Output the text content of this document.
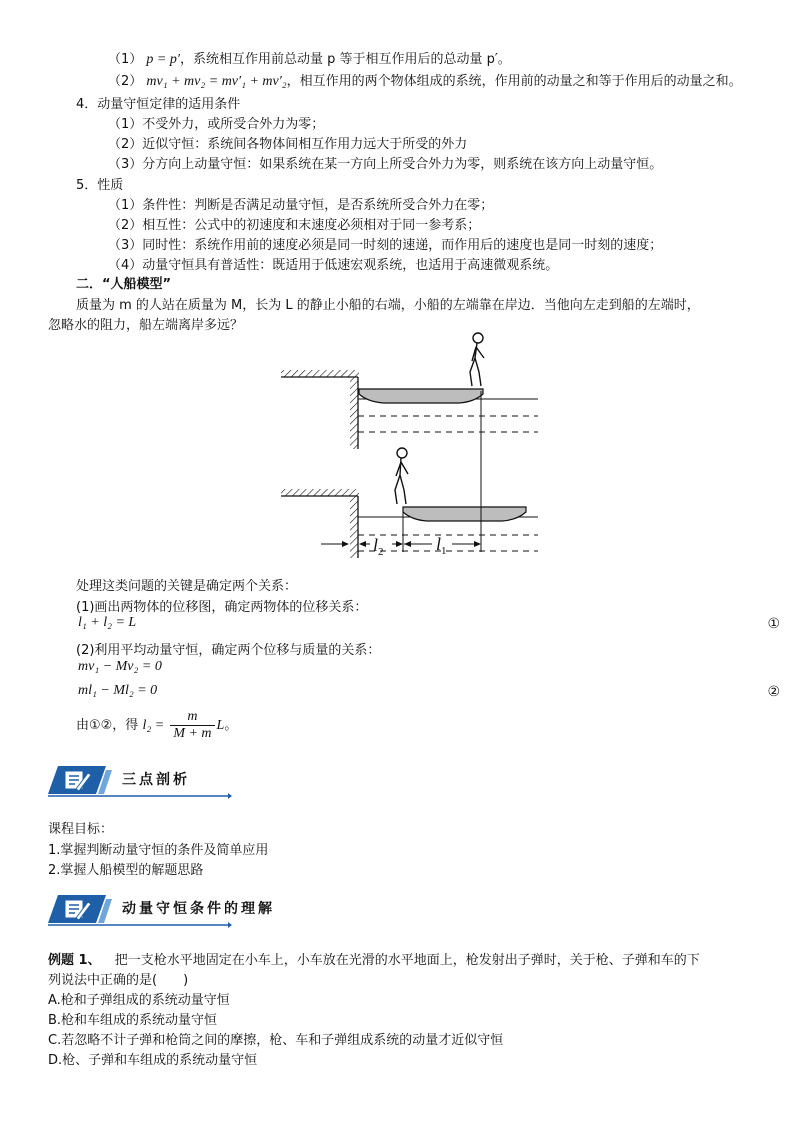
（1） p = p′，系统相互作用前总动量 p 等于相互作用后的总动量 p′。
（2） mv₁ + mv₂ = mv′₁ + mv′₂，相互作用的两个物体组成的系统，作用前的动量之和等于作用后的动量之和。
4．动量守恒定律的适用条件
（1）不受外力，或所受合外力为零；
（2）近似守恒：系统间各物体间相互作用力远大于所受的外力
（3）分方向上动量守恒：如果系统在某一方向上所受合外力为零，则系统在该方向上动量守恒。
5．性质
（1）条件性：判断是否满足动量守恒，是否系统所受合外力在零；
（2）相互性：公式中的初速度和末速度必须相对于同一参考系；
（3）同时性：系统作用前的速度必须是同一时刻的速递，而作用后的速度也是同一时刻的速度；
（4）动量守恒具有普适性：既适用于低速宏观系统，也适用于高速微观系统。
二．“人船模型”
质量为 m 的人站在质量为 M，长为 L 的静止小船的右端，小船的左端靠在岸边．当他向左走到船的左端时，
忽略水的阻力，船左端离岸多远？
$l_2$	$l_1$
处理这类问题的关键是确定两个关系：
(1)画出两物体的位移图，确定两物体的位移关系：
l₁ + l₂ = L	①
(2)利用平均动量守恒，确定两个位移与质量的关系：
mv₁ − Mv₂ = 0
ml₁ − Ml₂ = 0	②
由①②，得 $l_2 = \frac{m}{M + m}$ L。
三点剖析
课程目标：
1.掌握判断动量守恒的条件及简单应用
2.掌握人船模型的解题思路
动量守恒条件的理解
例题 1、 把一支枪水平地固定在小车上，小车放在光滑的水平地面上，枪发射出子弹时，关于枪、子弹和车的下
列说法中正确的是(　　)
A.枪和子弹组成的系统动量守恒
B.枪和车组成的系统动量守恒
C.若忽略不计子弹和枪筒之间的摩擦，枪、车和子弹组成系统的动量才近似守恒
D.枪、子弹和车组成的系统动量守恒
